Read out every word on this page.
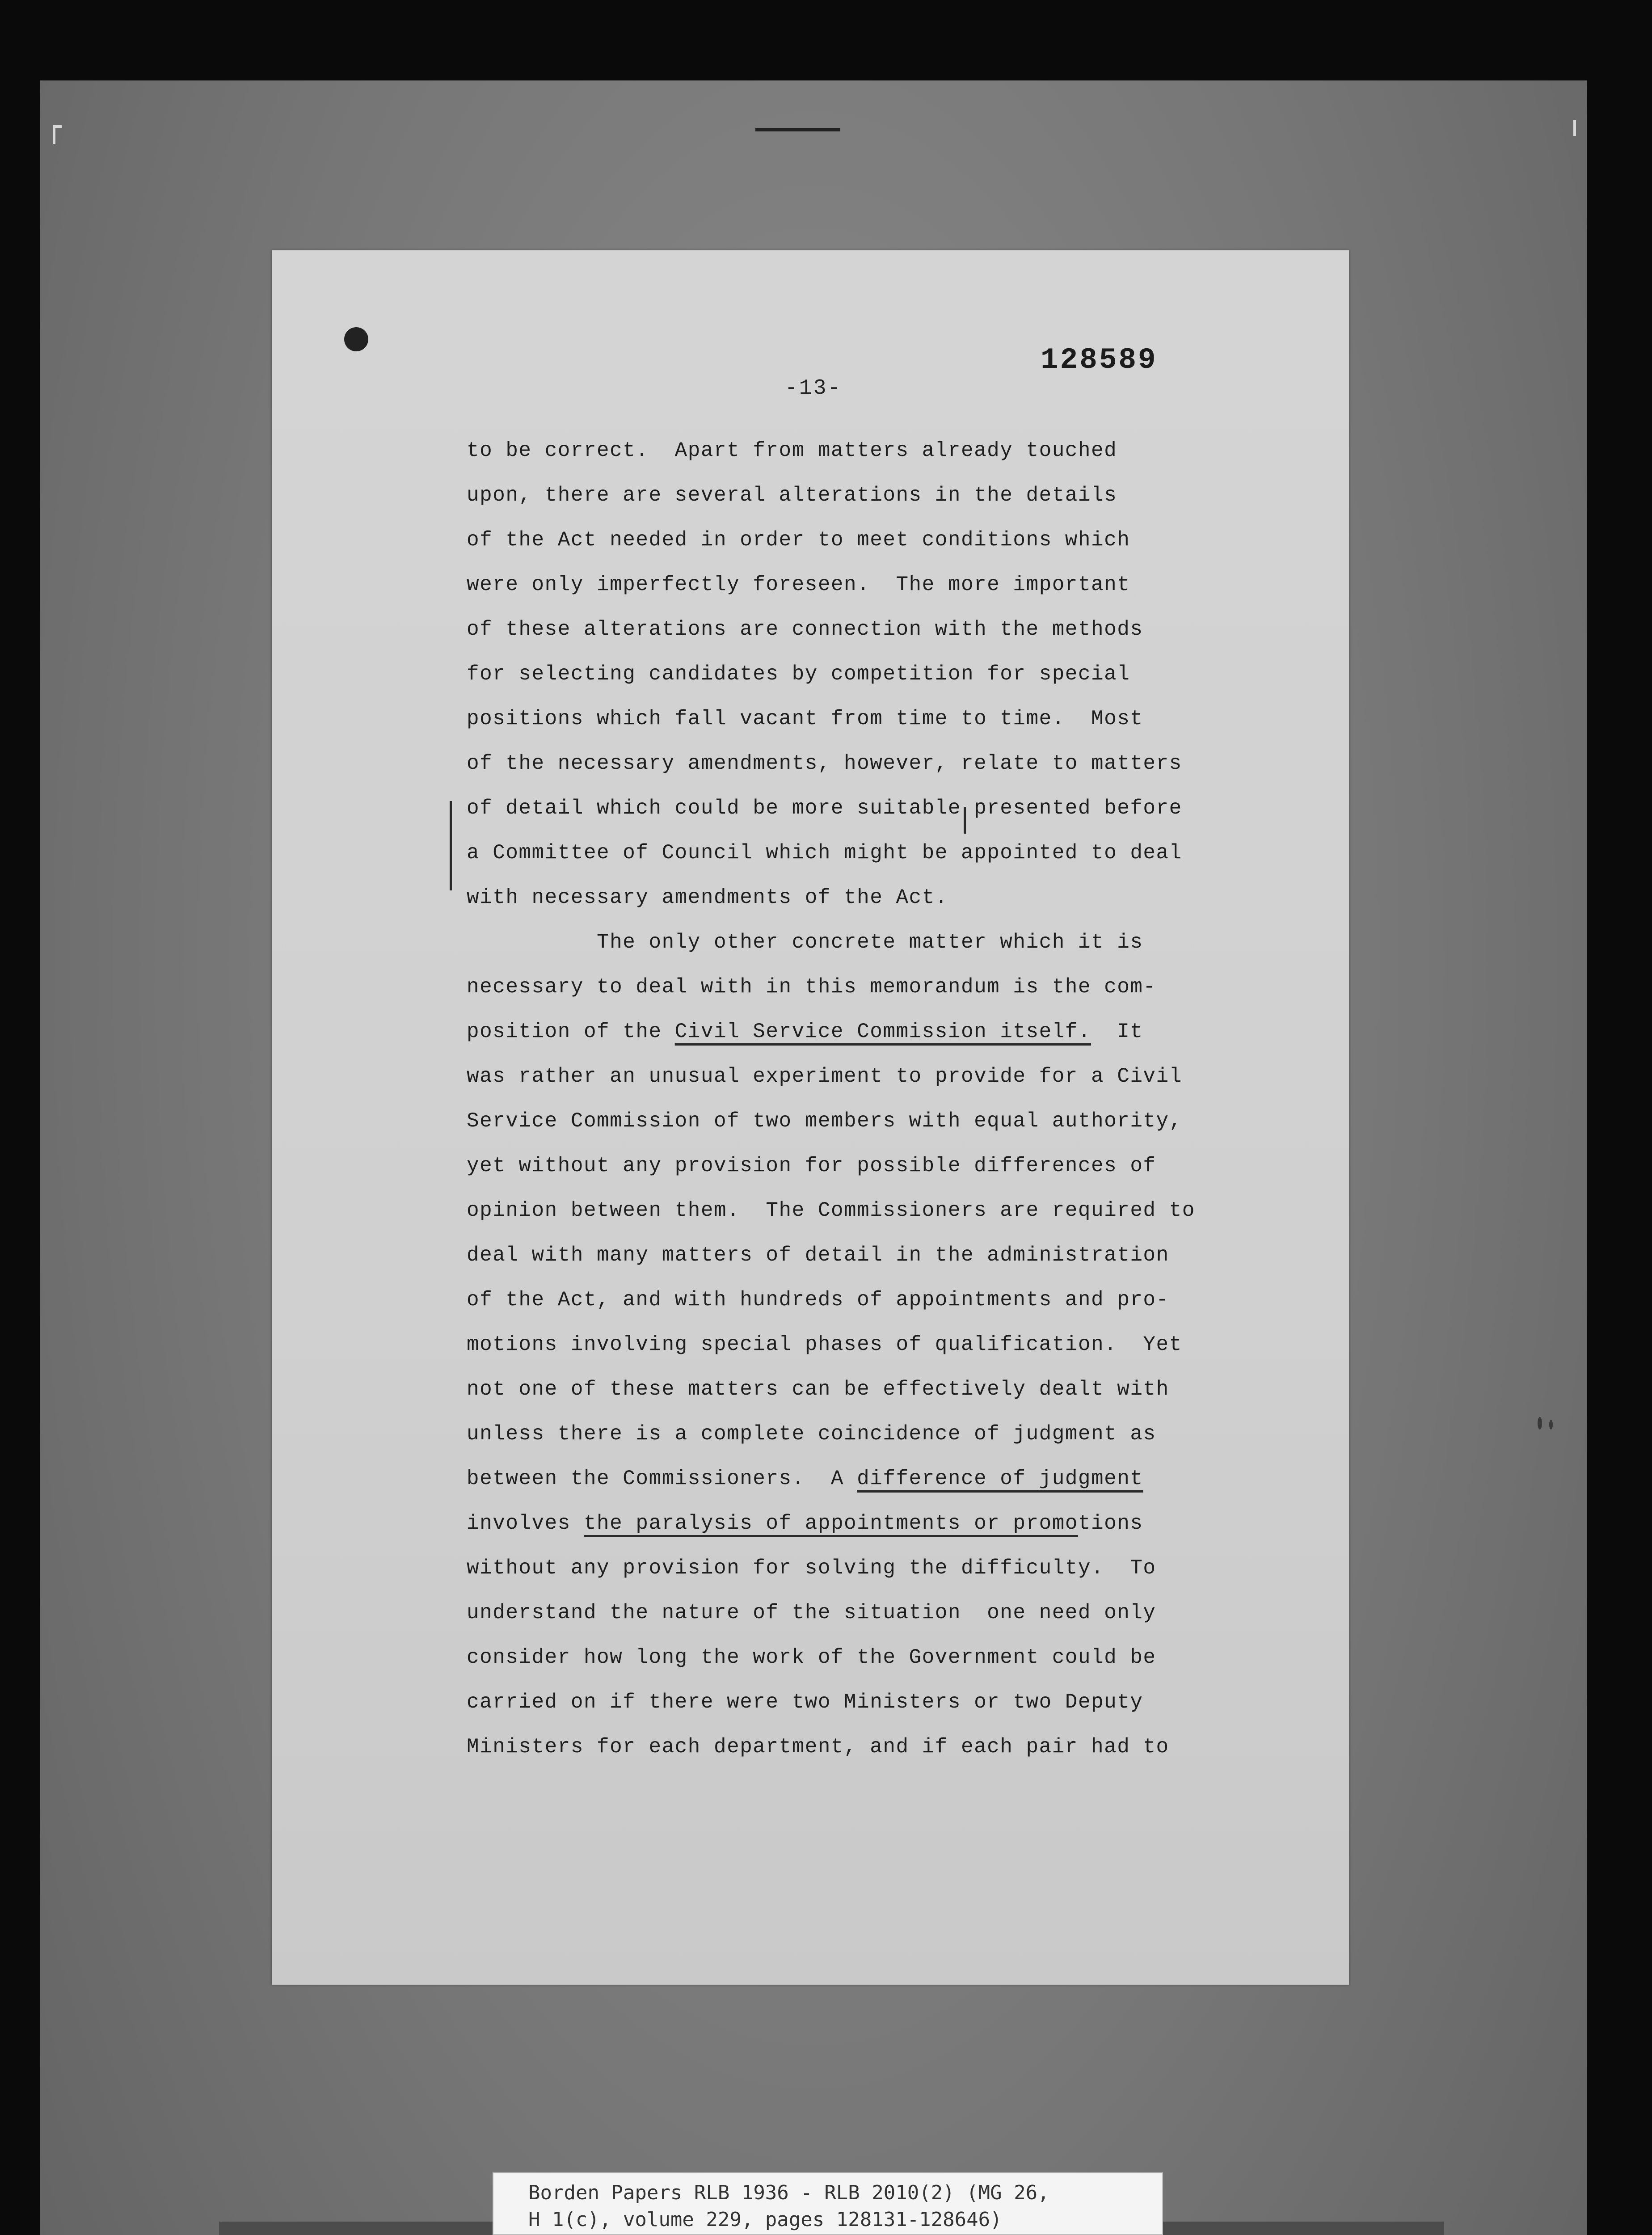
128589
-13-
to be correct.  Apart from matters already touched
upon, there are several alterations in the details
of the Act needed in order to meet conditions which
were only imperfectly foreseen.  The more important
of these alterations are connection with the methods
for selecting candidates by competition for special
positions which fall vacant from time to time.  Most
of the necessary amendments, however, relate to matters
of detail which could be more suitable presented before
a Committee of Council which might be appointed to deal
with necessary amendments of the Act.
The only other concrete matter which it is
necessary to deal with in this memorandum is the com-
position of the Civil Service Commission itself.  It
was rather an unusual experiment to provide for a Civil
Service Commission of two members with equal authority,
yet without any provision for possible differences of
opinion between them.  The Commissioners are required to
deal with many matters of detail in the administration
of the Act, and with hundreds of appointments and pro-
motions involving special phases of qualification.  Yet
not one of these matters can be effectively dealt with
unless there is a complete coincidence of judgment as
between the Commissioners.  A difference of judgment
involves the paralysis of appointments or promotions
without any provision for solving the difficulty.  To
understand the nature of the situation  one need only
consider how long the work of the Government could be
carried on if there were two Ministers or two Deputy
Ministers for each department, and if each pair had to
Borden Papers RLB 1936 - RLB 2010(2) (MG 26,
H 1(c), volume 229, pages 128131-128646)
